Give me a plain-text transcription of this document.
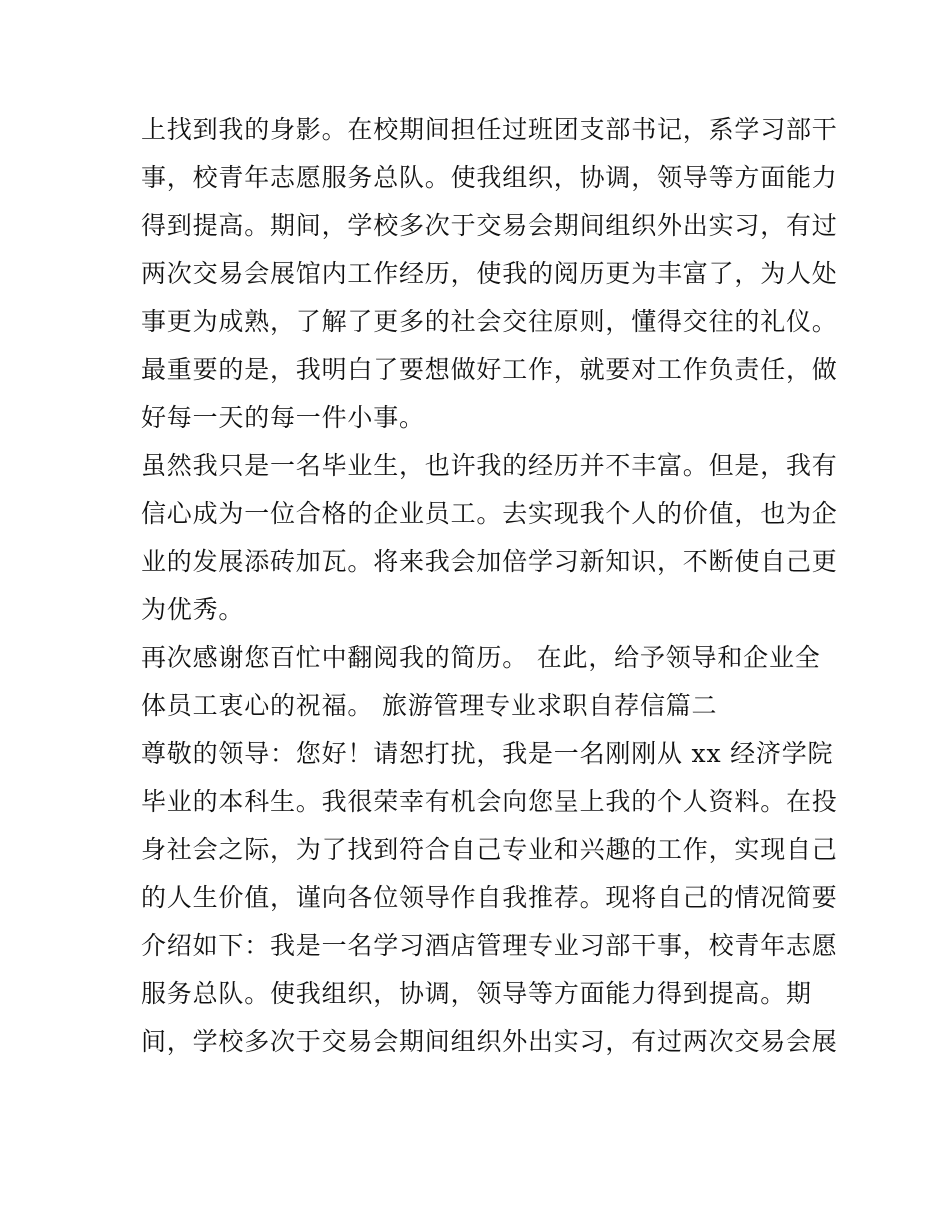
上找到我的身影。在校期间担任过班团支部书记，系学习部干
事，校青年志愿服务总队。使我组织，协调，领导等方面能力
得到提高。期间，学校多次于交易会期间组织外出实习，有过
两次交易会展馆内工作经历，使我的阅历更为丰富了，为人处
事更为成熟，了解了更多的社会交往原则，懂得交往的礼仪。
最重要的是，我明白了要想做好工作，就要对工作负责任，做
好每一天的每一件小事。
虽然我只是一名毕业生，也许我的经历并不丰富。但是，我有
信心成为一位合格的企业员工。去实现我个人的价值，也为企
业的发展添砖加瓦。将来我会加倍学习新知识，不断使自己更
为优秀。
再次感谢您百忙中翻阅我的简历。 在此，给予领导和企业全
体员工衷心的祝福。 旅游管理专业求职自荐信篇二
尊敬的领导：您好！请恕打扰，我是一名刚刚从 xx 经济学院
毕业的本科生。我很荣幸有机会向您呈上我的个人资料。在投
身社会之际，为了找到符合自己专业和兴趣的工作，实现自己
的人生价值，谨向各位领导作自我推荐。现将自己的情况简要
介绍如下：我是一名学习酒店管理专业习部干事，校青年志愿
服务总队。使我组织，协调，领导等方面能力得到提高。期
间，学校多次于交易会期间组织外出实习，有过两次交易会展
